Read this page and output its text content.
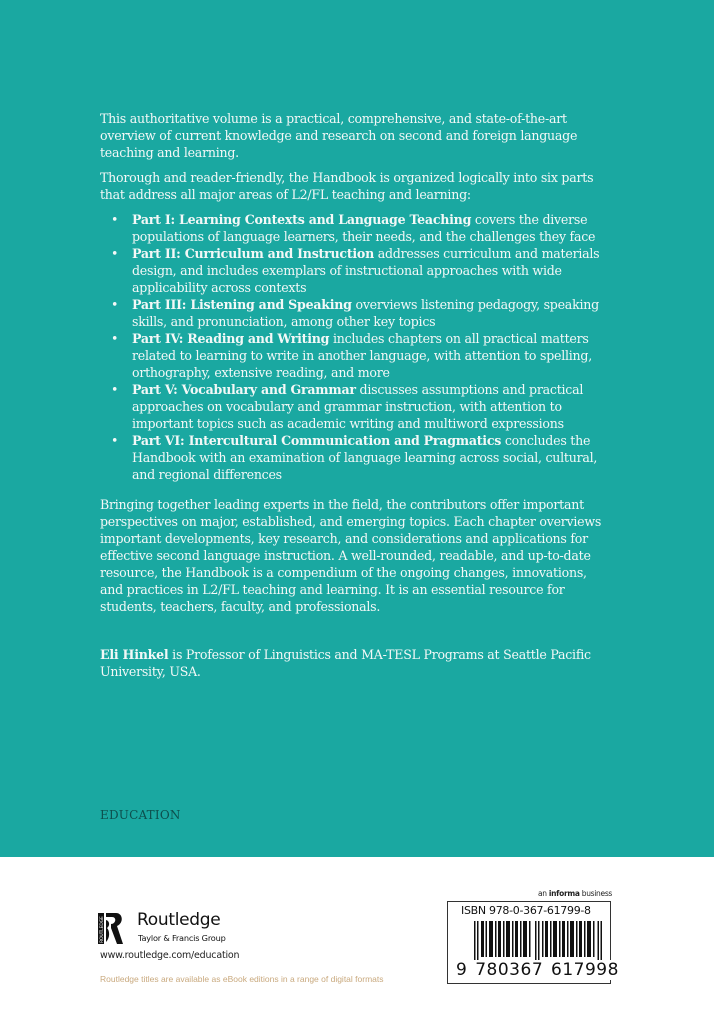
This authoritative volume is a practical, comprehensive, and state-of-the-art overview of current knowledge and research on second and foreign language teaching and learning.

Thorough and reader-friendly, the Handbook is organized logically into six parts that address all major areas of L2/FL teaching and learning:

• Part I: Learning Contexts and Language Teaching covers the diverse populations of language learners, their needs, and the challenges they face
• Part II: Curriculum and Instruction addresses curriculum and materials design, and includes exemplars of instructional approaches with wide applicability across contexts
• Part III: Listening and Speaking overviews listening pedagogy, speaking skills, and pronunciation, among other key topics
• Part IV: Reading and Writing includes chapters on all practical matters related to learning to write in another language, with attention to spelling, orthography, extensive reading, and more
• Part V: Vocabulary and Grammar discusses assumptions and practical approaches on vocabulary and grammar instruction, with attention to important topics such as academic writing and multiword expressions
• Part VI: Intercultural Communication and Pragmatics concludes the Handbook with an examination of language learning across social, cultural, and regional differences
Bringing together leading experts in the field, the contributors offer important perspectives on major, established, and emerging topics. Each chapter overviews important developments, key research, and considerations and applications for effective second language instruction. A well-rounded, readable, and up-to-date resource, the Handbook is a compendium of the ongoing changes, innovations, and practices in L2/FL teaching and learning. It is an essential resource for students, teachers, faculty, and professionals.
Eli Hinkel is Professor of Linguistics and MA-TESL Programs at Seattle Pacific University, USA.
EDUCATION
ROUTLEDGE Routledge
Taylor & Francis Group
www.routledge.com/education
Routledge titles are available as eBook editions in a range of digital formats
an informa business
ISBN 978-0-367-61799-8
9 780367 617998
